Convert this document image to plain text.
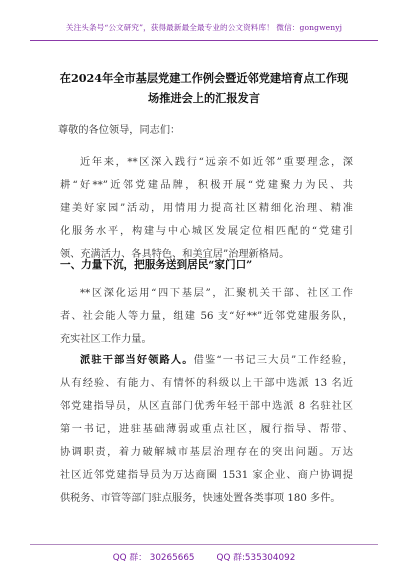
关注头条号“公文研究”，获得最新最全最专业的公文资料库！ 微信：gongwenyj
在2024年全市基层党建工作例会暨近邻党建培育点工作现
场推进会上的汇报发言
尊敬的各位领导，同志们：
近年来，**区深入践行“远亲不如近邻”重要理念，深
耕“好**”近邻党建品牌，积极开展“党建聚力为民、共
建美好家园”活动，用情用力提高社区精细化治理、精准
化服务水平，构建与中心城区发展定位相匹配的“党建引
领、充满活力、各具特色、和美宜居”治理新格局。
一、力量下沉，把服务送到居民“家门口”
**区深化运用“四下基层”，汇聚机关干部、社区工作
者、社会能人等力量，组建 56 支“好**”近邻党建服务队，
充实社区工作力量。
派驻干部当好领路人。借鉴“一书记三大员”工作经验，
从有经验、有能力、有情怀的科级以上干部中选派 13 名近
邻党建指导员，从区直部门优秀年轻干部中选派 8 名驻社区
第一书记，进驻基础薄弱或重点社区，履行指导、帮带、
协调职责，着力破解城市基层治理存在的突出问题。万达
社区近邻党建指导员为万达商圈 1531 家企业、商户协调提
供税务、市管等部门驻点服务，快速处置各类事项 180 多件。
QQ 群： 30265665	QQ 群:535304092
